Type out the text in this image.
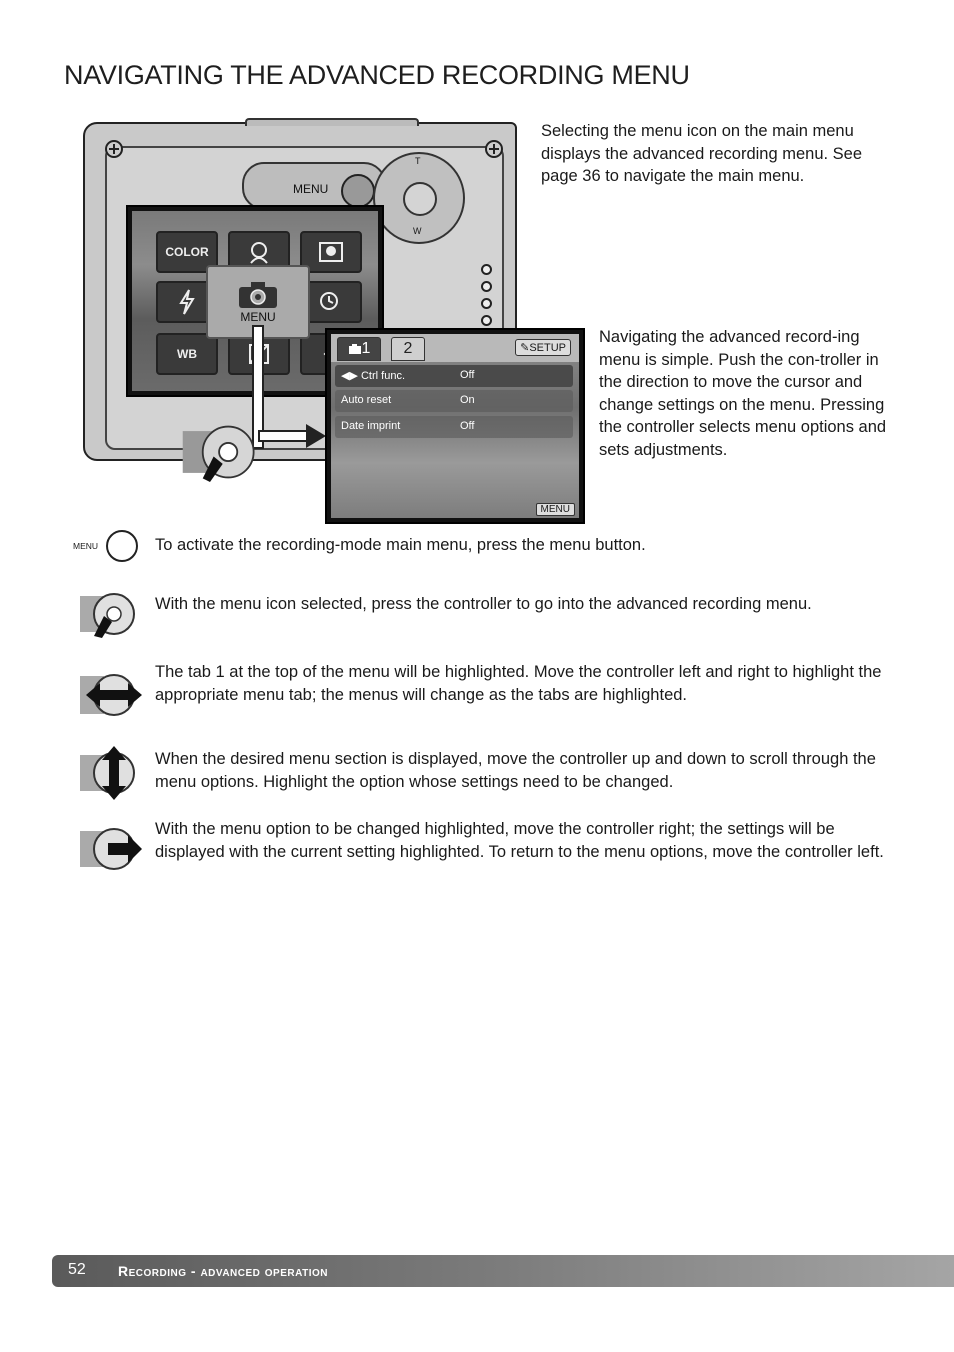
NAVIGATING THE ADVANCED RECORDING MENU
Selecting the menu icon on the main menu displays the advanced recording menu. See page 36 to navigate the main menu.
MENU
T
W
COLOR
WB
MENU
1	2	✎SETUP
◀▶ Ctrl func.	Off
Auto reset	On
Date imprint	Off
MENU
Navigating the advanced record-ing menu is simple. Push the con-troller in the direction to move the cursor and change settings on the menu. Pressing the controller selects menu options and sets adjustments.
MENU	To activate the recording-mode main menu, press the menu button.
With the menu icon selected, press the controller to go into the advanced recording menu.
The tab 1 at the top of the menu will be highlighted. Move the controller left and right to highlight the appropriate menu tab; the menus will change as the tabs are highlighted.
When the desired menu section is displayed, move the controller up and down to scroll through the menu options. Highlight the option whose settings need to be changed.
With the menu option to be changed highlighted, move the controller right; the settings will be displayed with the current setting highlighted. To return to the menu options, move the controller left.
52 Recording - advanced operation
